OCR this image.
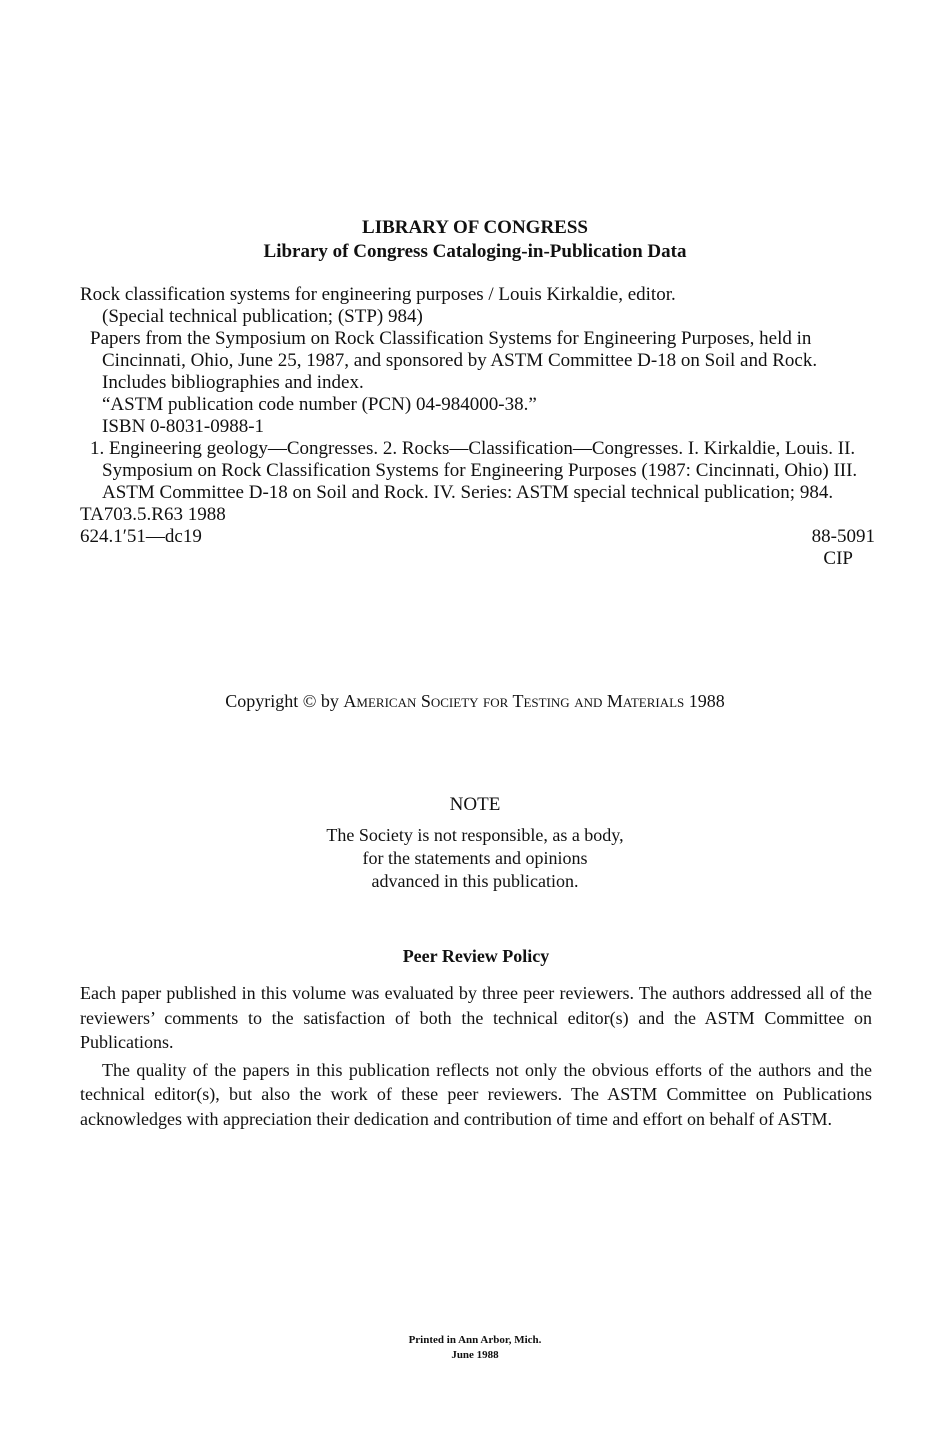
LIBRARY OF CONGRESS
Library of Congress Cataloging-in-Publication Data
Rock classification systems for engineering purposes / Louis Kirkaldie, editor.
(Special technical publication; (STP) 984)
Papers from the Symposium on Rock Classification Systems for Engineering Purposes, held in Cincinnati, Ohio, June 25, 1987, and sponsored by ASTM Committee D-18 on Soil and Rock.
Includes bibliographies and index.
“ASTM publication code number (PCN) 04-984000-38.”
ISBN 0-8031-0988-1
1. Engineering geology—Congresses. 2. Rocks—Classification—Congresses. I. Kirkaldie, Louis. II. Symposium on Rock Classification Systems for Engineering Purposes (1987: Cincinnati, Ohio) III. ASTM Committee D-18 on Soil and Rock. IV. Series: ASTM special technical publication; 984.
TA703.5.R63 1988
624.1′51—dc19	88-5091
CIP
Copyright © by American Society for Testing and Materials 1988
NOTE
The Society is not responsible, as a body,
for the statements and opinions
advanced in this publication.
Peer Review Policy

Each paper published in this volume was evaluated by three peer reviewers. The authors addressed all of the reviewers’ comments to the satisfaction of both the technical editor(s) and the ASTM Committee on Publications.

The quality of the papers in this publication reflects not only the obvious efforts of the authors and the technical editor(s), but also the work of these peer reviewers. The ASTM Committee on Publications acknowledges with appreciation their dedication and contribution of time and effort on behalf of ASTM.

Printed in Ann Arbor, Mich.
June 1988
